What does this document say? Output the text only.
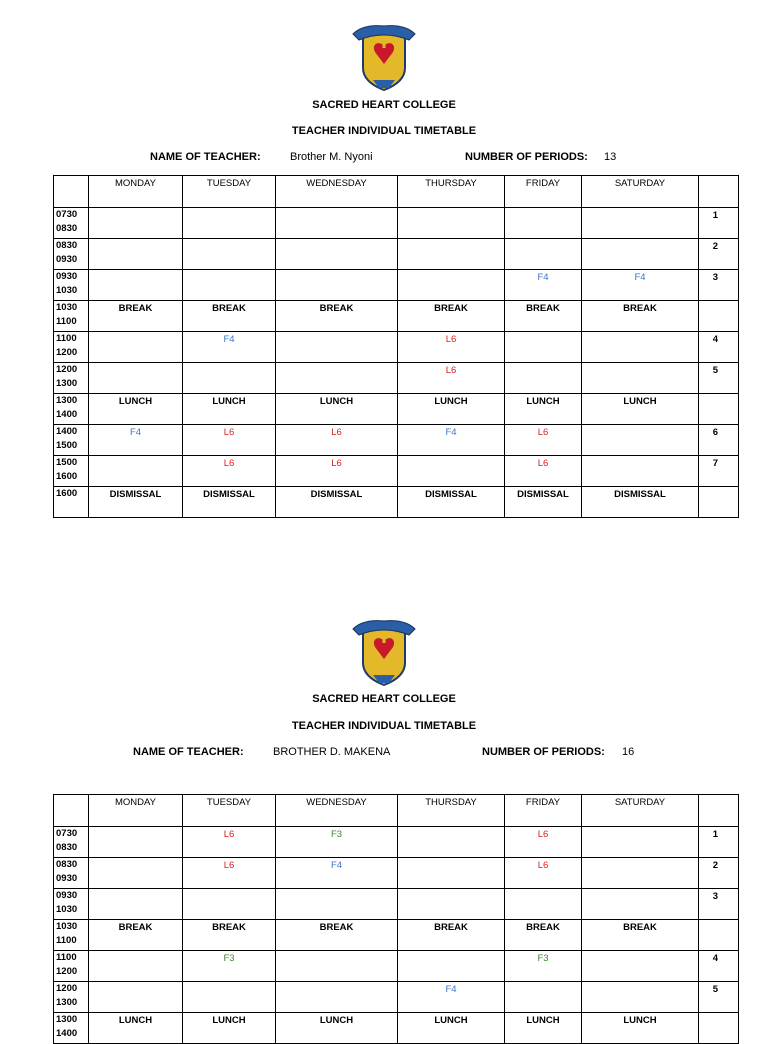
SACRED HEART COLLEGE
TEACHER INDIVIDUAL TIMETABLE
NAME OF TEACHER:	Brother M. Nyoni	NUMBER OF PERIODS: 13
	MONDAY	TUESDAY	WEDNESDAY	THURSDAY	FRIDAY	SATURDAY	

0730
0830							1

0830
0930							2

0930
1030					F4	F4	3

1030
1100	BREAK	BREAK	BREAK	BREAK	BREAK	BREAK	

1100
1200		F4		L6			4

1200
1300				L6			5

1300
1400	LUNCH	LUNCH	LUNCH	LUNCH	LUNCH	LUNCH	

1400
1500	F4	L6	L6	F4	L6		6

1500
1600		L6	L6		L6		7

1600	DISMISSAL	DISMISSAL	DISMISSAL	DISMISSAL	DISMISSAL	DISMISSAL	
SACRED HEART COLLEGE
TEACHER INDIVIDUAL TIMETABLE
NAME OF TEACHER:	BROTHER D. MAKENA	NUMBER OF PERIODS: 16
	MONDAY	TUESDAY	WEDNESDAY	THURSDAY	FRIDAY	SATURDAY	

0730
0830		L6	F3		L6		1

0830
0930		L6	F4		L6		2

0930
1030							3

1030
1100	BREAK	BREAK	BREAK	BREAK	BREAK	BREAK	

1100
1200		F3			F3		4

1200
1300				F4			5

1300
1400	LUNCH	LUNCH	LUNCH	LUNCH	LUNCH	LUNCH	
